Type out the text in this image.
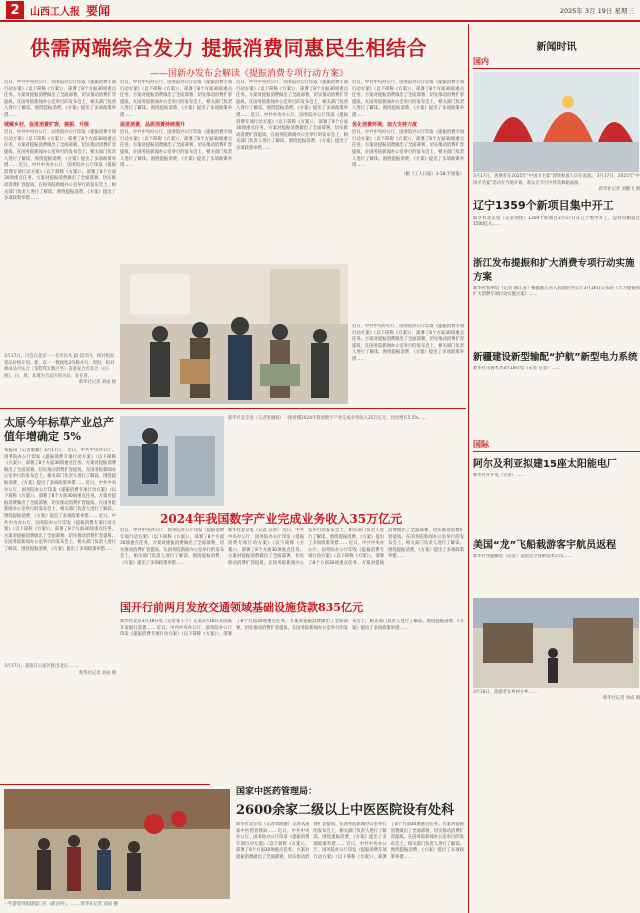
2	山西工人报 要闻	2025年 3月 19日 星期三
供需两端综合发力 提振消费同惠民生相结合
——国新办发布会解读《提振消费专项行动方案》
近日，中共中央办公厅、国务院办公厅印发《提振消费专项行动方案》（以下简称《方案》），部署了8个方面30项重点任务。方案对提振消费做出了全面部署，切实推动消费扩容提质。在国务院新闻办公室举行的发布会上，相关部门负责人进行了解读。围绕提振消费，《方案》提出了多项政策举措……
城镇乡村，促进消费扩容，提振、升级
近日，中共中央办公厅、国务院办公厅印发《提振消费专项行动方案》（以下简称《方案》），部署了8个方面30项重点任务。方案对提振消费做出了全面部署，切实推动消费扩容提质。在国务院新闻办公室举行的发布会上，相关部门负责人进行了解读。围绕提振消费，《方案》提出了多项政策举措…… 近日，中共中央办公厅、国务院办公厅印发《提振消费专项行动方案》（以下简称《方案》），部署了8个方面30项重点任务。方案对提振消费做出了全面部署，切实推动消费扩容提质。在国务院新闻办公室举行的发布会上，相关部门负责人进行了解读。围绕提振消费，《方案》提出了多项政策举措……
近日，中共中央办公厅、国务院办公厅印发《提振消费专项行动方案》（以下简称《方案》），部署了8个方面30项重点任务。方案对提振消费做出了全面部署，切实推动消费扩容提质。在国务院新闻办公室举行的发布会上，相关部门负责人进行了解读。围绕提振消费，《方案》提出了多项政策举措……
促进消费，品质消费持续提升
近日，中共中央办公厅、国务院办公厅印发《提振消费专项行动方案》（以下简称《方案》），部署了8个方面30项重点任务。方案对提振消费做出了全面部署，切实推动消费扩容提质。在国务院新闻办公室举行的发布会上，相关部门负责人进行了解读。围绕提振消费，《方案》提出了多项政策举措……
近日，中共中央办公厅、国务院办公厅印发《提振消费专项行动方案》（以下简称《方案》），部署了8个方面30项重点任务。方案对提振消费做出了全面部署，切实推动消费扩容提质。在国务院新闻办公室举行的发布会上，相关部门负责人进行了解读。围绕提振消费，《方案》提出了多项政策举措…… 近日，中共中央办公厅、国务院办公厅印发《提振消费专项行动方案》（以下简称《方案》），部署了8个方面30项重点任务。方案对提振消费做出了全面部署，切实推动消费扩容提质。在国务院新闻办公室举行的发布会上，相关部门负责人进行了解读。围绕提振消费，《方案》提出了多项政策举措……
近日，中共中央办公厅、国务院办公厅印发《提振消费专项行动方案》（以下简称《方案》），部署了8个方面30项重点任务。方案对提振消费做出了全面部署，切实推动消费扩容提质。在国务院新闻办公室举行的发布会上，相关部门负责人进行了解读。围绕提振消费，《方案》提出了多项政策举措……
优化消费环境，加大支持力度
近日，中共中央办公厅、国务院办公厅印发《提振消费专项行动方案》（以下简称《方案》），部署了8个方面30项重点任务。方案对提振消费做出了全面部署，切实推动消费扩容提质。在国务院新闻办公室举行的发布会上，相关部门负责人进行了解读。围绕提振消费，《方案》提出了多项政策举措……
（据《工人日报》3-18 平面报）
3月17日，冯会在北京一一名市民从 JD 超市内，相对相双笔品价格计划。新，有一一数据收2价格并行，现时，相对相成品可实合（第程TCC数区名）直备发合名等合（《日照》。日，周，本地为合品区的为品，发在对。
新华社记者 刘成 摄
近日，中共中央办公厅、国务院办公厅印发《提振消费专项行动方案》（以下简称《方案》），部署了8个方面30项重点任务。方案对提振消费做出了全面部署，切实推动消费扩容提质。在国务院新闻办公室举行的发布会上，相关部门负责人进行了解读。围绕提振消费，《方案》提出了多项政策举措……
太原今年标草产业总产值年增确定 5%
本报讯（记者梁颖）3月17日， 近日，中共中央办公厅、国务院办公厅印发《提振消费专项行动方案》（以下简称《方案》），部署了8个方面30项重点任务。方案对提振消费做出了全面部署，切实推动消费扩容提质。在国务院新闻办公室举行的发布会上，相关部门负责人进行了解读。围绕提振消费，《方案》提出了多项政策举措…… 近日，中共中央办公厅、国务院办公厅印发《提振消费专项行动方案》（以下简称《方案》），部署了8个方面30项重点任务。方案对提振消费做出了全面部署，切实推动消费扩容提质。在国务院新闻办公室举行的发布会上，相关部门负责人进行了解读。围绕提振消费，《方案》提出了多项政策举措…… 近日，中共中央办公厅、国务院办公厅印发《提振消费专项行动方案》（以下简称《方案》），部署了8个方面30项重点任务。方案对提振消费做出了全面部署，切实推动消费扩容提质。在国务院新闻办公室举行的发布会上，相关部门负责人进行了解读。围绕提振消费，《方案》提出了多项政策举措……
新华社北京电（记者张晓枝）一图看懂2024年我国数字产业完成业务收入35万亿元，同比增长5.5%……
2024年我国数字产业完成业务收入35万亿元
新华社北京电（记者 记者） 近日，中共中央办公厅、国务院办公厅印发《提振消费专项行动方案》（以下简称《方案》），部署了8个方面30项重点任务。方案对提振消费做出了全面部署，切实推动消费扩容提质。在国务院新闻办公室举行的发布会上，相关部门负责人进行了解读。围绕提振消费，《方案》提出了多项政策举措…… 近日，中共中央办公厅、国务院办公厅印发《提振消费专项行动方案》（以下简称《方案》），部署了8个方面30项重点任务。方案对提振消费做出了全面部署，切实推动消费扩容提质。在国务院新闻办公室举行的发布会上，相关部门负责人进行了解读。围绕提振消费，《方案》提出了多项政策举措……
近日，中共中央办公厅、国务院办公厅印发《提振消费专项行动方案》（以下简称《方案》），部署了8个方面30项重点任务。方案对提振消费做出了全面部署，切实推动消费扩容提质。在国务院新闻办公室举行的发布会上，相关部门负责人进行了解读。围绕提振消费，《方案》提出了多项政策举措……
国开行前两月发放交通领域基础设施贷款835亿元
新华社北京3月18日电（记者张千千）记者3月18日从国家开发银行获悉…… 近日，中共中央办公厅、国务院办公厅印发《提振消费专项行动方案》（以下简称《方案》），部署了8个方面30项重点任务。方案对提振消费做出了全面部署，切实推动消费扩容提质。在国务院新闻办公室举行的发布会上，相关部门负责人进行了解读。围绕提振消费，《方案》提出了多项政策举措……
3月17日，游客在公家区推出北京……。
新华社记者 刘成 摄
国家中医药管理局：
2600余家二级以上中医医院设有处科
新华社北京电（记者周晓敏）记者从国家中医药管理局…… 近日，中共中央办公厅、国务院办公厅印发《提振消费专项行动方案》（以下简称《方案》），部署了8个方面30项重点任务。方案对提振消费做出了全面部署，切实推动消费扩容提质。在国务院新闻办公室举行的发布会上，相关部门负责人进行了解读。围绕提振消费，《方案》提出了多项政策举措…… 近日，中共中央办公厅、国务院办公厅印发《提振消费专项行动方案》（以下简称《方案》），部署了8个方面30项重点任务。方案对提振消费做出了全面部署，切实推动消费扩容提质。在国务院新闻办公室举行的发布会上，相关部门负责人进行了解读。围绕提振消费，《方案》提出了多项政策举措……
一些游客到福建厦门区（新沽村），…… 新华社记者 刘成 摄
新闻时讯
国内
3月17日，观赛者在2025年“中国羊毛宴”现场参演人员在表演。 3月17日，2025年“中国羊毛宴”活动在当地开幕，观众在节目中欣赏舞蹈表演。
新华社记者 刘鹏飞 摄
辽宁1359个新项目集中开工
新华社北京电（记者刘彤）1359个新项目3月17日在辽宁集中开工，总投资额超过1500亿元……
浙江发布提振和扩大消费专项行动实施方案
新华社杭州电（记者 浙江省）根据浙江省人民政府办公厅3月16日公布的《大力提振和扩大消费专项行动实施方案》……
新疆建设新型输配“护航”新型电力系统
新华社乌鲁木齐3月18日电（记者 记者）……
国际
阿尔及利亚拟建15座太阳能电厂
新华社开罗电（记者）……
美国“龙”飞船载游客宇航员返程
新华社华盛顿电（记者）美国太空探索技术公司……
3月18日，旅游者在乡村小乡……
新华社记者 刘成 摄
